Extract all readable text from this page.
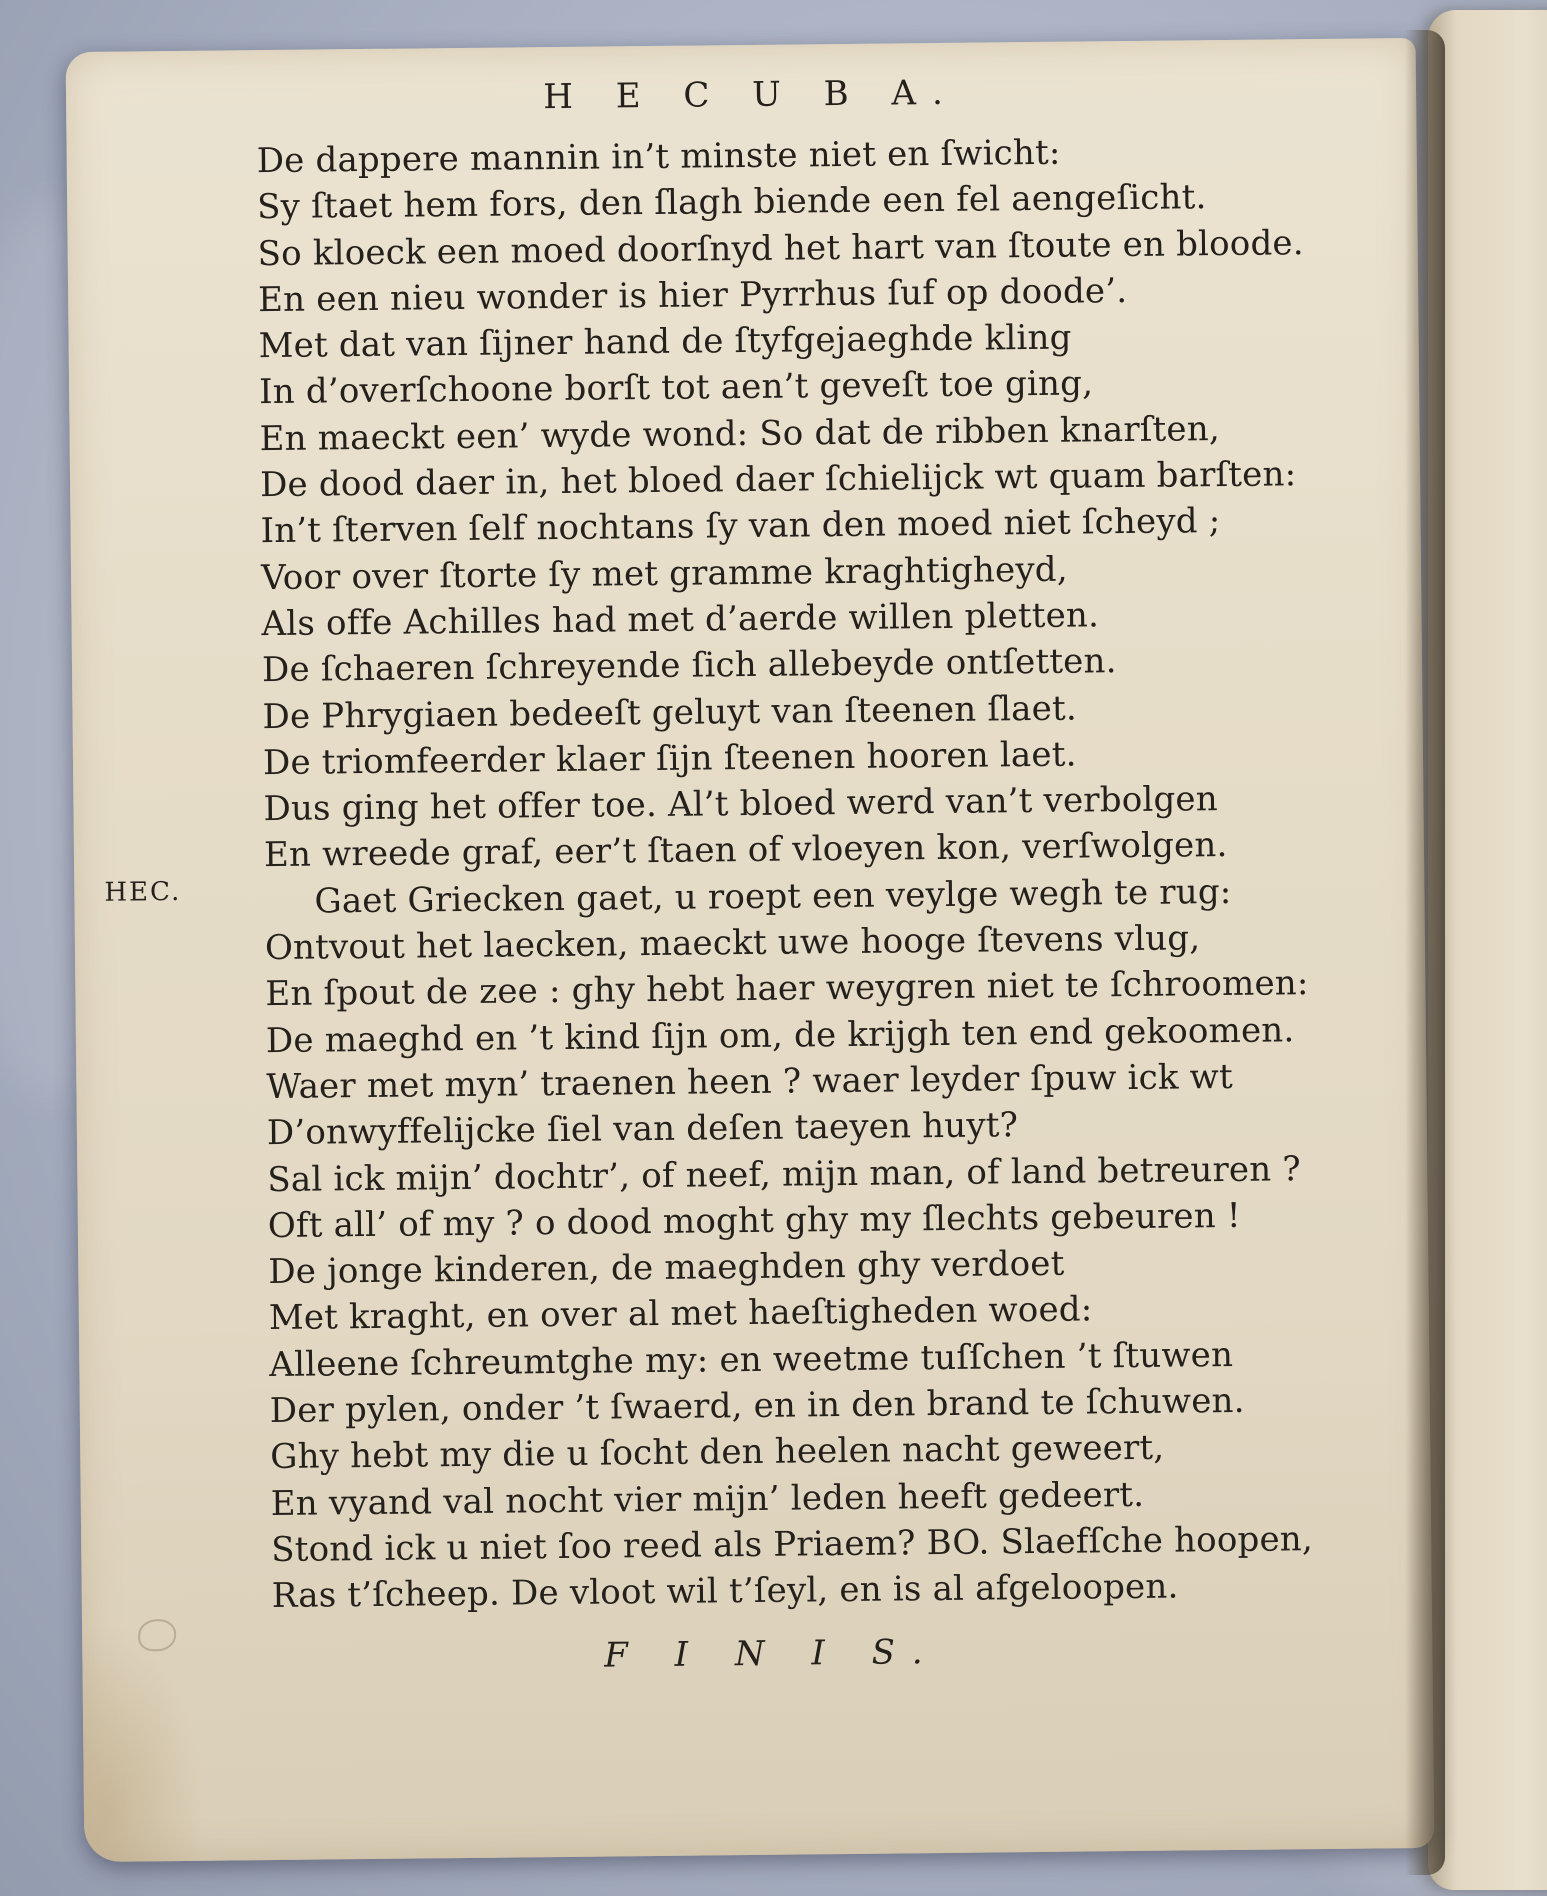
H E C U B A.
HEC.
De dappere mannin in’t minste niet en ſwicht:
Sy ſtaet hem fors, den ſlagh biende een fel aengeſicht.
So kloeck een moed doorſnyd het hart van ſtoute en bloode.
En een nieu wonder is hier Pyrrhus ſuf op doode’.
Met dat van ſijner hand de ſtyfgejaeghde kling
In d’overſchoone borſt tot aen’t geveſt toe ging,
En maeckt een’ wyde wond: So dat de ribben knarſten,
De dood daer in, het bloed daer ſchielijck wt quam barſten:
In’t ſterven ſelf nochtans ſy van den moed niet ſcheyd ;
Voor over ſtorte ſy met gramme kraghtigheyd,
Als offe Achilles had met d’aerde willen pletten.
De ſchaeren ſchreyende ſich allebeyde ontſetten.
De Phrygiaen bedeeſt geluyt van ſteenen ſlaet.
De triomfeerder klaer ſijn ſteenen hooren laet.
Dus ging het offer toe. Al’t bloed werd van’t verbolgen
En wreede graf, eer’t ſtaen of vloeyen kon, verſwolgen.
Gaet Griecken gaet, u roept een veylge wegh te rug:
Ontvout het laecken, maeckt uwe hooge ſtevens vlug,
En ſpout de zee : ghy hebt haer weygren niet te ſchroomen:
De maeghd en ’t kind ſijn om, de krijgh ten end gekoomen.
Waer met myn’ traenen heen ? waer leyder ſpuw ick wt
D’onwyffelijcke ſiel van deſen taeyen huyt?
Sal ick mijn’ dochtr’, of neef, mijn man, of land betreuren ?
Oft all’ of my ? o dood moght ghy my ſlechts gebeuren !
De jonge kinderen, de maeghden ghy verdoet
Met kraght, en over al met haeſtigheden woed:
Alleene ſchreumtghe my: en weetme tuſſchen ’t ſtuwen
Der pylen, onder ’t ſwaerd, en in den brand te ſchuwen.
Ghy hebt my die u ſocht den heelen nacht geweert,
En vyand val nocht vier mijn’ leden heeft gedeert.
Stond ick u niet ſoo reed als Priaem? BO. Slaefſche hoopen,
Ras t’ſcheep. De vloot wil t’ſeyl, en is al afgeloopen.
F I N I S.
